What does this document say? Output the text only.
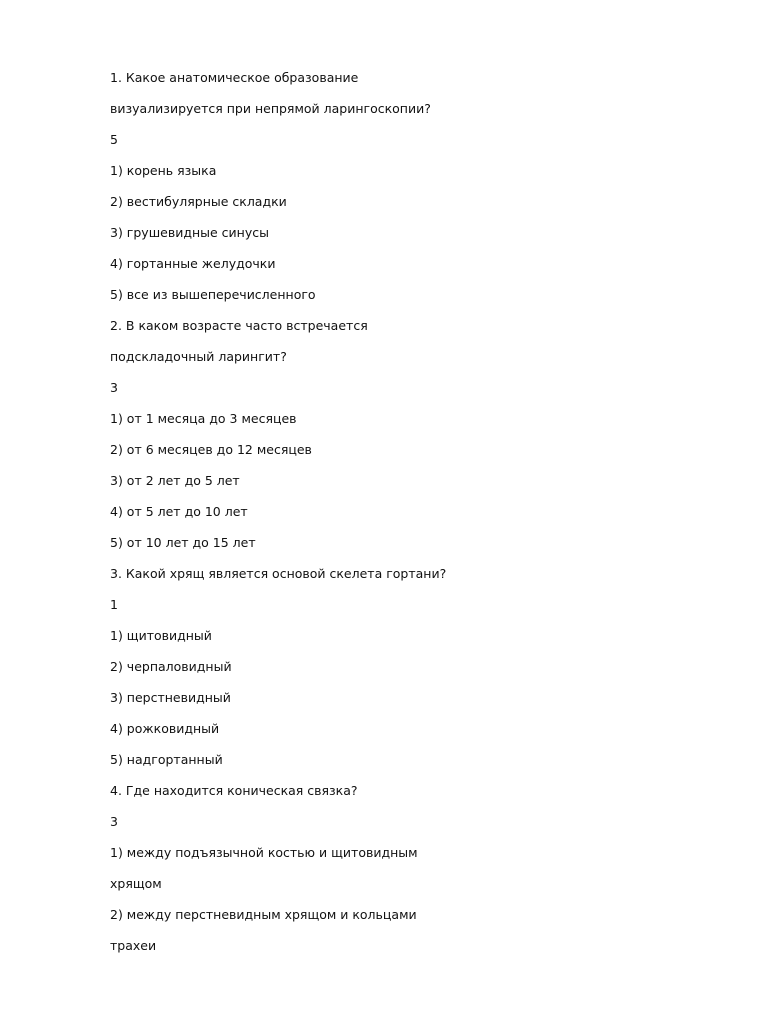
1. Какое анатомическое образование
визуализируется при непрямой ларингоскопии?
5
1) корень языка
2) вестибулярные складки
3) грушевидные синусы
4) гортанные желудочки
5) все из вышеперечисленного
2. В каком возрасте часто встречается
подскладочный ларингит?
3
1) от 1 месяца до 3 месяцев
2) от 6 месяцев до 12 месяцев
3) от 2 лет до 5 лет
4) от 5 лет до 10 лет
5) от 10 лет до 15 лет
3. Какой хрящ является основой скелета гортани?
1
1) щитовидный
2) черпаловидный
3) перстневидный
4) рожковидный
5) надгортанный
4. Где находится коническая связка?
3
1) между подъязычной костью и щитовидным
хрящом
2) между перстневидным хрящом и кольцами
трахеи
